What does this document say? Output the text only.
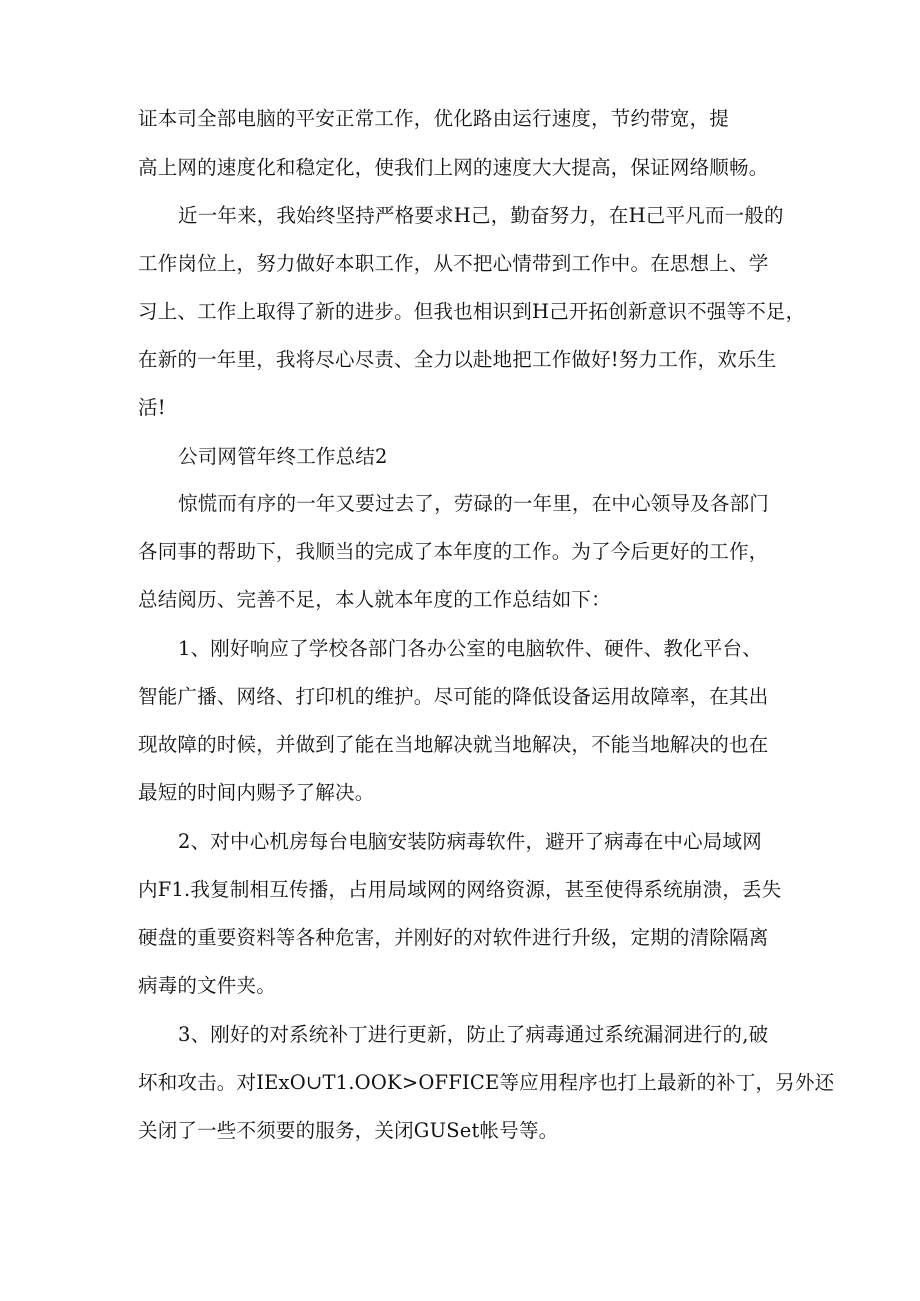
证本司全部电脑的平安正常工作，优化路由运行速度，节约带宽，提
高上网的速度化和稳定化，使我们上网的速度大大提高，保证网络顺畅。
近一年来，我始终坚持严格要求H己，勤奋努力，在H己平凡而一般的
工作岗位上，努力做好本职工作，从不把心情带到工作中。在思想上、学
习上、工作上取得了新的进步。但我也相识到H己开拓创新意识不强等不足，
在新的一年里，我将尽心尽责、全力以赴地把工作做好!努力工作，欢乐生
活!
公司网管年终工作总结2
惊慌而有序的一年又要过去了，劳碌的一年里，在中心领导及各部门
各同事的帮助下，我顺当的完成了本年度的工作。为了今后更好的工作，
总结阅历、完善不足，本人就本年度的工作总结如下：
1、刚好响应了学校各部门各办公室的电脑软件、硬件、教化平台、
智能广播、网络、打印机的维护。尽可能的降低设备运用故障率，在其出
现故障的时候，并做到了能在当地解决就当地解决，不能当地解决的也在
最短的时间内赐予了解决。
2、对中心机房每台电脑安装防病毒软件，避开了病毒在中心局域网
内F1.我复制相互传播，占用局域网的网络资源，甚至使得系统崩溃，丢失
硬盘的重要资料等各种危害，并刚好的对软件进行升级，定期的清除隔离
病毒的文件夹。
3、刚好的对系统补丁进行更新，防止了病毒通过系统漏洞进行的,破
坏和攻击。对IExO∪T1.OOK>OFFICE等应用程序也打上最新的补丁，另外还
关闭了一些不须要的服务，关闭GUSet帐号等。
